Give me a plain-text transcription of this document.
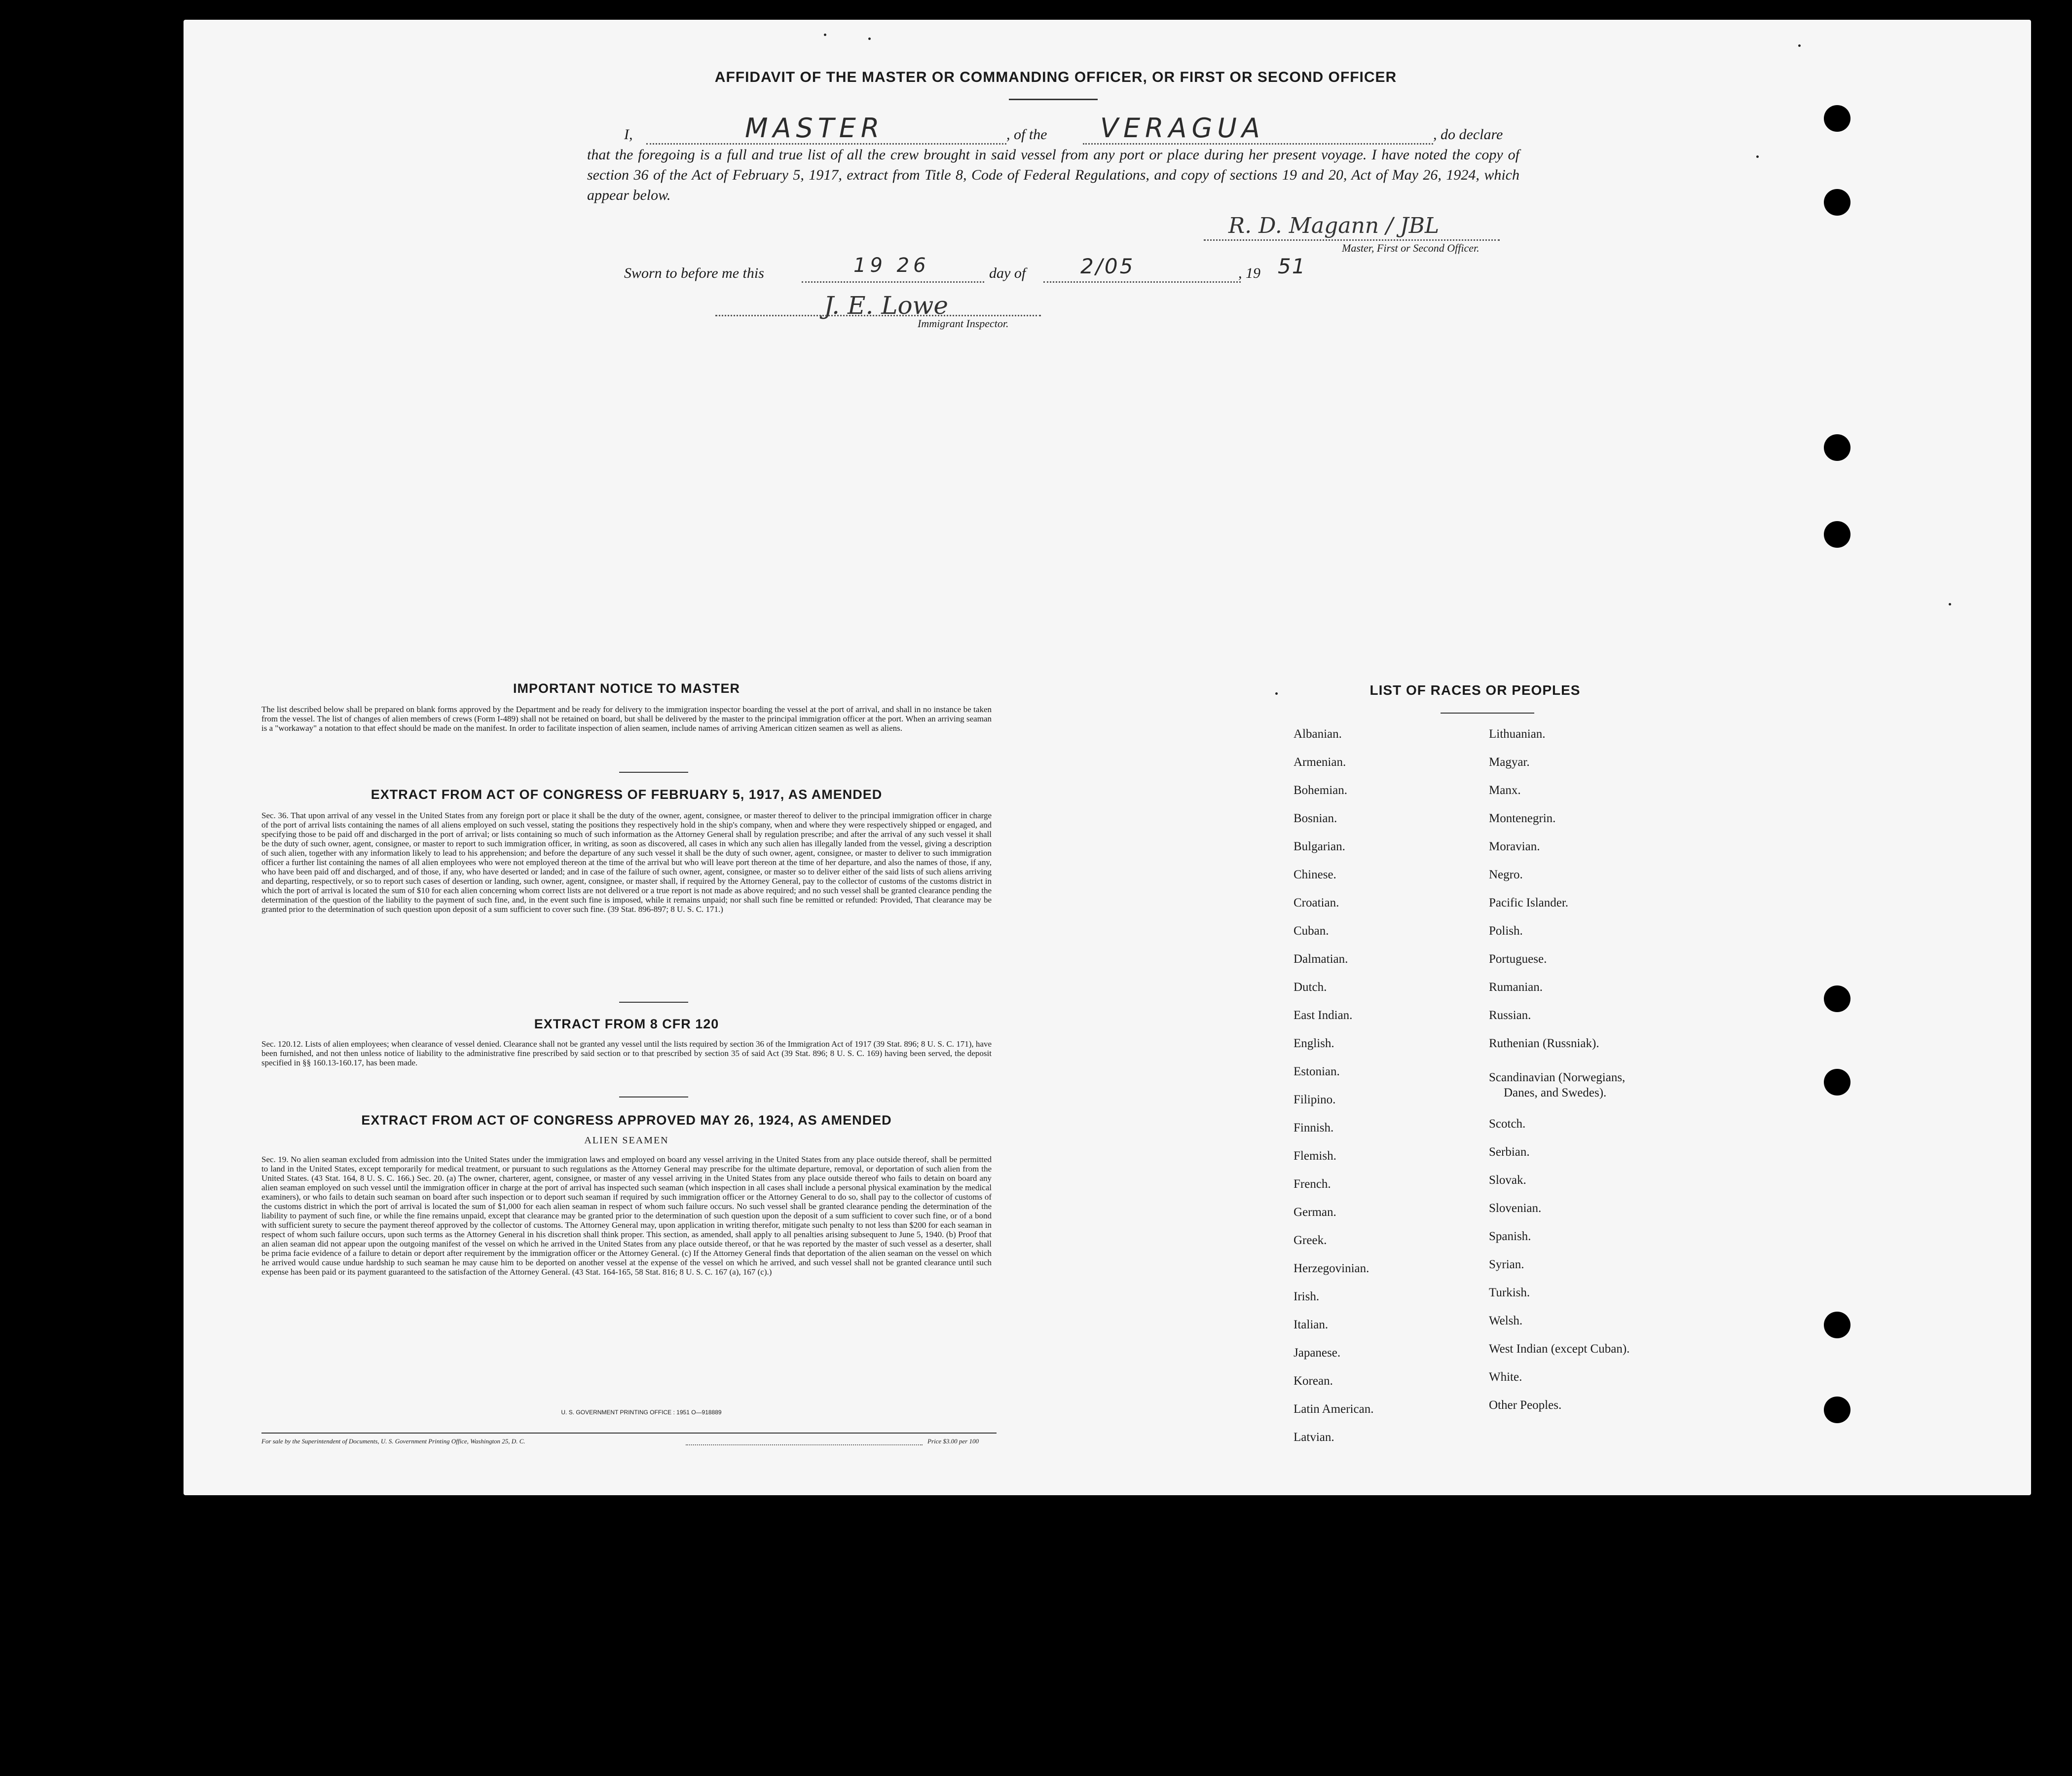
AFFIDAVIT OF THE MASTER OR COMMANDING OFFICER, OR FIRST OR SECOND OFFICER
I,	MASTER	, of the	VERAGUA	, do declare
that the foregoing is a full and true list of all the crew brought in said vessel from any port or place during her present voyage. I have noted the copy of section 36 of the Act of February 5, 1917, extract from Title 8, Code of Federal Regulations, and copy of sections 19 and 20, Act of May 26, 1924, which appear below.
R. D. Magann / JBL
Master, First or Second Officer.
Sworn to before me this	19 26	day of	2/05	, 19 51
J. E. Lowe
Immigrant Inspector.
IMPORTANT NOTICE TO MASTER
The list described below shall be prepared on blank forms approved by the Department and be ready for delivery to the immigration inspector boarding the vessel at the port of arrival, and shall in no instance be taken from the vessel. The list of changes of alien members of crews (Form I-489) shall not be retained on board, but shall be delivered by the master to the principal immigration officer at the port. When an arriving seaman is a "workaway" a notation to that effect should be made on the manifest. In order to facilitate inspection of alien seamen, include names of arriving American citizen seamen as well as aliens.
EXTRACT FROM ACT OF CONGRESS OF FEBRUARY 5, 1917, AS AMENDED
Sec. 36. That upon arrival of any vessel in the United States from any foreign port or place it shall be the duty of the owner, agent, consignee, or master thereof to deliver to the principal immigration officer in charge of the port of arrival lists containing the names of all aliens employed on such vessel, stating the positions they respectively hold in the ship's company, when and where they were respectively shipped or engaged, and specifying those to be paid off and discharged in the port of arrival; or lists containing so much of such information as the Attorney General shall by regulation prescribe; and after the arrival of any such vessel it shall be the duty of such owner, agent, consignee, or master to report to such immigration officer, in writing, as soon as discovered, all cases in which any such alien has illegally landed from the vessel, giving a description of such alien, together with any information likely to lead to his apprehension; and before the departure of any such vessel it shall be the duty of such owner, agent, consignee, or master to deliver to such immigration officer a further list containing the names of all alien employees who were not employed thereon at the time of the arrival but who will leave port thereon at the time of her departure, and also the names of those, if any, who have been paid off and discharged, and of those, if any, who have deserted or landed; and in case of the failure of such owner, agent, consignee, or master so to deliver either of the said lists of such aliens arriving and departing, respectively, or so to report such cases of desertion or landing, such owner, agent, consignee, or master shall, if required by the Attorney General, pay to the collector of customs of the customs district in which the port of arrival is located the sum of $10 for each alien concerning whom correct lists are not delivered or a true report is not made as above required; and no such vessel shall be granted clearance pending the determination of the question of the liability to the payment of such fine, and, in the event such fine is imposed, while it remains unpaid; nor shall such fine be remitted or refunded: Provided, That clearance may be granted prior to the determination of such question upon deposit of a sum sufficient to cover such fine. (39 Stat. 896-897; 8 U. S. C. 171.)
EXTRACT FROM 8 CFR 120
Sec. 120.12. Lists of alien employees; when clearance of vessel denied. Clearance shall not be granted any vessel until the lists required by section 36 of the Immigration Act of 1917 (39 Stat. 896; 8 U. S. C. 171), have been furnished, and not then unless notice of liability to the administrative fine prescribed by said section or to that prescribed by section 35 of said Act (39 Stat. 896; 8 U. S. C. 169) having been served, the deposit specified in §§ 160.13-160.17, has been made.
EXTRACT FROM ACT OF CONGRESS APPROVED MAY 26, 1924, AS AMENDED
ALIEN SEAMEN
Sec. 19. No alien seaman excluded from admission into the United States under the immigration laws and employed on board any vessel arriving in the United States from any place outside thereof, shall be permitted to land in the United States, except temporarily for medical treatment, or pursuant to such regulations as the Attorney General may prescribe for the ultimate departure, removal, or deportation of such alien from the United States. (43 Stat. 164, 8 U. S. C. 166.) Sec. 20. (a) The owner, charterer, agent, consignee, or master of any vessel arriving in the United States from any place outside thereof who fails to detain on board any alien seaman employed on such vessel until the immigration officer in charge at the port of arrival has inspected such seaman (which inspection in all cases shall include a personal physical examination by the medical examiners), or who fails to detain such seaman on board after such inspection or to deport such seaman if required by such immigration officer or the Attorney General to do so, shall pay to the collector of customs of the customs district in which the port of arrival is located the sum of $1,000 for each alien seaman in respect of whom such failure occurs. No such vessel shall be granted clearance pending the determination of the liability to payment of such fine, or while the fine remains unpaid, except that clearance may be granted prior to the determination of such question upon the deposit of a sum sufficient to cover such fine, or of a bond with sufficient surety to secure the payment thereof approved by the collector of customs. The Attorney General may, upon application in writing therefor, mitigate such penalty to not less than $200 for each seaman in respect of whom such failure occurs, upon such terms as the Attorney General in his discretion shall think proper. This section, as amended, shall apply to all penalties arising subsequent to June 5, 1940. (b) Proof that an alien seaman did not appear upon the outgoing manifest of the vessel on which he arrived in the United States from any place outside thereof, or that he was reported by the master of such vessel as a deserter, shall be prima facie evidence of a failure to detain or deport after requirement by the immigration officer or the Attorney General. (c) If the Attorney General finds that deportation of the alien seaman on the vessel on which he arrived would cause undue hardship to such seaman he may cause him to be deported on another vessel at the expense of the vessel on which he arrived, and such vessel shall not be granted clearance until such expense has been paid or its payment guaranteed to the satisfaction of the Attorney General. (43 Stat. 164-165, 58 Stat. 816; 8 U. S. C. 167 (a), 167 (c).)
U. S. GOVERNMENT PRINTING OFFICE : 1951 O—918889
For sale by the Superintendent of Documents, U. S. Government Printing Office, Washington 25, D. C.	Price $3.00 per 100
LIST OF RACES OR PEOPLES
Albanian.
Armenian.
Bohemian.
Bosnian.
Bulgarian.
Chinese.
Croatian.
Cuban.
Dalmatian.
Dutch.
East Indian.
English.
Estonian.
Filipino.
Finnish.
Flemish.
French.
German.
Greek.
Herzegovinian.
Irish.
Italian.
Japanese.
Korean.
Latin American.
Latvian.
Lithuanian.
Magyar.
Manx.
Montenegrin.
Moravian.
Negro.
Pacific Islander.
Polish.
Portuguese.
Rumanian.
Russian.
Ruthenian (Russniak).
Scandinavian (Norwegians,
Danes, and Swedes).
Scotch.
Serbian.
Slovak.
Slovenian.
Spanish.
Syrian.
Turkish.
Welsh.
West Indian (except Cuban).
White.
Other Peoples.
